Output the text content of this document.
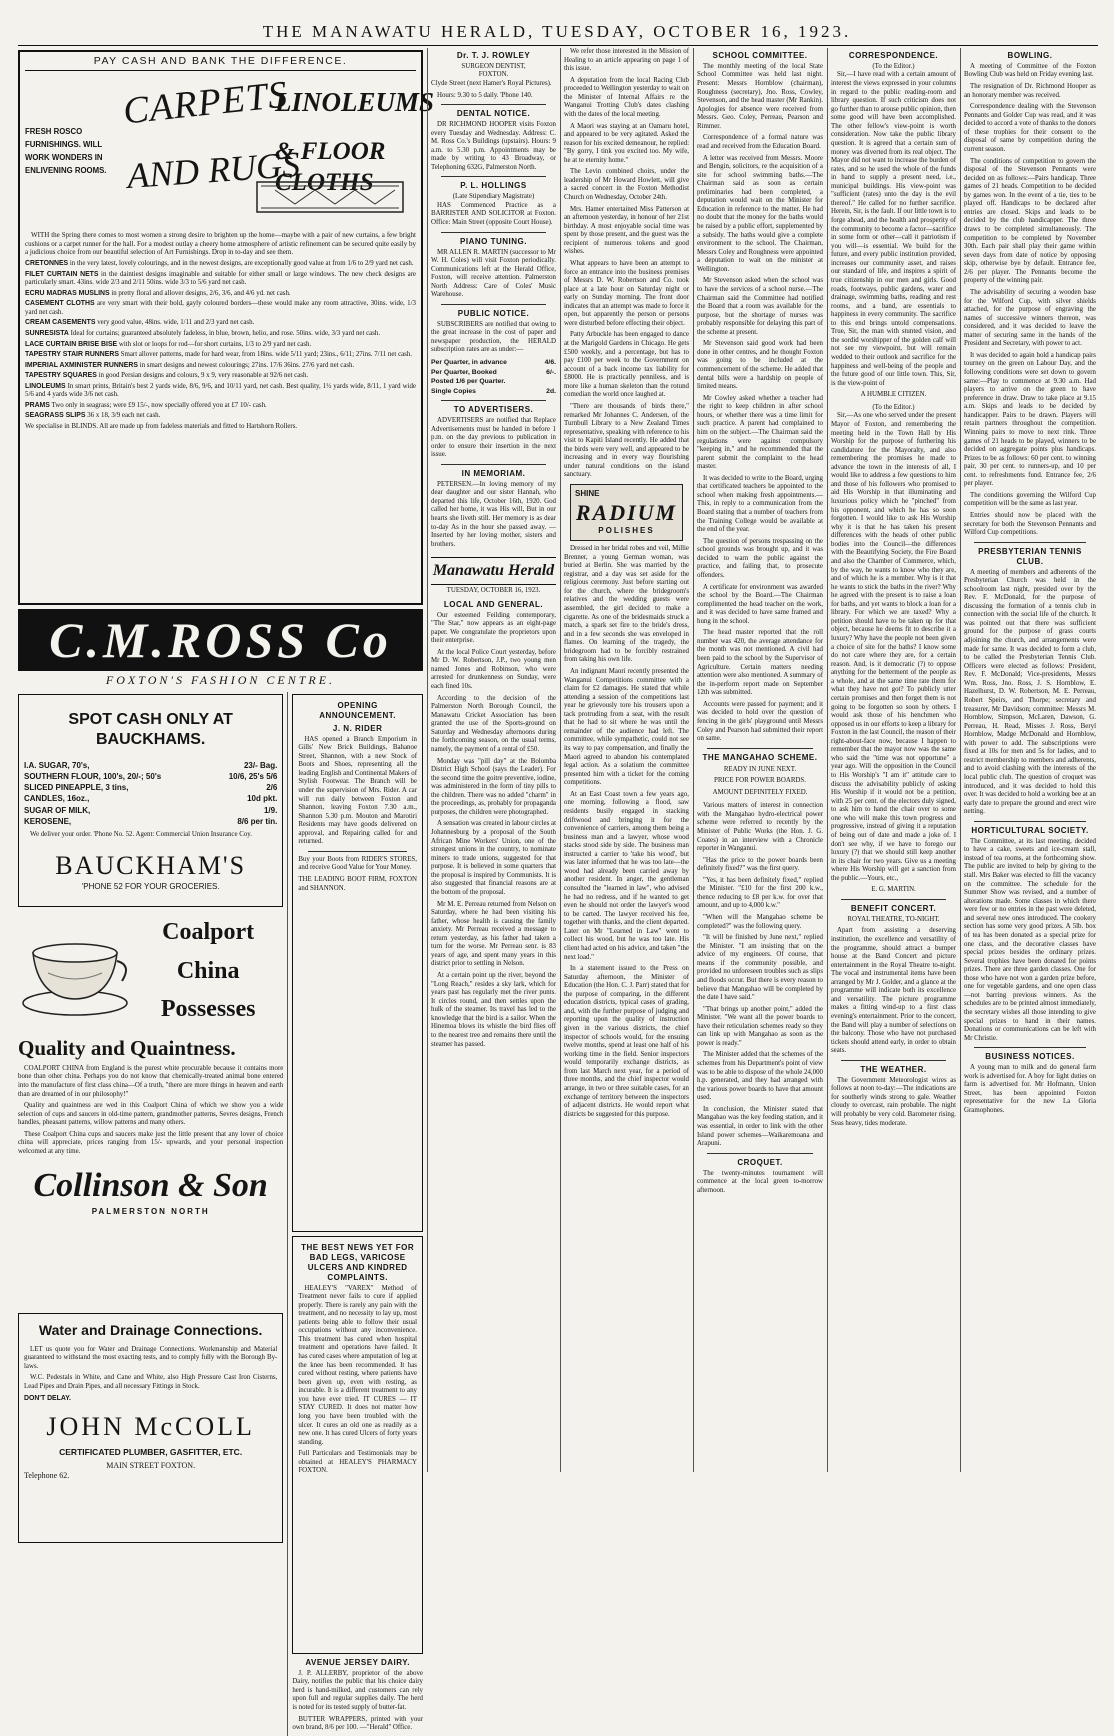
THE MANAWATU HERALD, TUESDAY, OCTOBER 16, 1923.
PAY CASH AND BANK THE DIFFERENCE.
FRESH ROSCO FURNISHINGS. WILL WORK WONDERS IN ENLIVENING ROOMS.
CARPETS
AND RUGS
LINOLEUMS
& FLOOR CLOTHS

WITH the Spring there comes to most women a strong desire to brighten up the home—maybe with a pair of new curtains, a few bright cushions or a carpet runner for the hall. For a modest outlay a cheery home atmosphere of artistic refinement can be secured quite easily by a judicious choice from our beautiful selection of Art Furnishings. Drop in to-day and see them.

CRETONNES in the very latest, lovely colourings, and in the newest designs, are exceptionally good value at from 1/6 to 2/9 yard net cash.

FILET CURTAIN NETS in the daintiest designs imaginable and suitable for either small or large windows. The new check designs are particularly smart. 43ins. wide 2/3 and 2/11 50ins. wide 3/3 to 5/6 yard net cash.

ECRU MADRAS MUSLINS in pretty floral and allover designs, 2/6, 3/6, and 4/6 yd. net cash.

CASEMENT CLOTHS are very smart with their bold, gayly coloured borders—these would make any room attractive, 30ins. wide, 1/3 yard net cash.

CREAM CASEMENTS very good value, 48ins. wide, 1/11 and 2/3 yard net cash.

SUNRESISTA Ideal for curtains; guaranteed absolutely fadeless, in blue, brown, helio, and rose. 50ins. wide, 3/3 yard net cash.

LACE CURTAIN BRISE BISE with slot or loops for rod—for short curtains, 1/3 to 2/9 yard net cash.

TAPESTRY STAIR RUNNERS Smart allover patterns, made for hard wear, from 18ins. wide 5/11 yard; 23ins., 6/11; 27ins. 7/11 net cash.

IMPERIAL AXMINISTER RUNNERS in smart designs and newest colourings; 27ins. 17/6 36ins. 27/6 yard net cash.

TAPESTRY SQUARES in good Persian designs and colours, 9 x 9, very reasonable at 92/6 net cash.

LINOLEUMS In smart prints, Britain's best 2 yards wide, 8/6, 9/6, and 10/11 yard, net cash. Best quality, 1½ yards wide, 8/11, 1 yard wide 5/6 and 4 yards wide 3/6 net cash.

PRAMS Two only in seagrass; were £9 15/-, now specially offered you at £7 10/- cash.

SEAGRASS SLIPS 36 x 18, 3/9 each net cash.

We specialise in BLINDS. All are made up from fadeless materials and fitted to Hartshorn Rollers.

C.M.ROSS Co
FOXTON'S FASHION CENTRE.
SPOT CASH ONLY AT BAUCKHAMS.
I.A. SUGAR, 70's,	23/- Bag.
SOUTHERN FLOUR, 100's, 20/-; 50's	10/6, 25's 5/6
SLICED PINEAPPLE, 3 tins,	2/6
CANDLES, 16oz.,	10d pkt.
SUGAR OF MILK,	1/9.
KEROSENE,	8/6 per tin.

We deliver your order. 'Phone No. 52. Agent: Commercial Union Insurance Coy.

BAUCKHAM'S
'PHONE 52 FOR YOUR GROCERIES.
Coalport China Possesses
Quality and Quaintness.

COALPORT CHINA from England is the purest white procurable because it contains more bone than other china. Perhaps you do not know that chemically-treated animal bone entered into the manufacture of first class china—Of a truth, "there are more things in heaven and earth than are dreamed of in our philosophy!"

Quality and quaintness are wed in this Coalport China of which we show you a wide selection of cups and saucers in old-time pattern, grandmother patterns, Sevres designs, French handles, pheasant patterns, willow patterns and many others.

These Coalport China cups and saucers make just the little present that any lover of choice china will appreciate, prices ranging from 15/- upwards, and your personal inspection welcomed at any time.

Collinson & Son
PALMERSTON NORTH
Water and Drainage Connections.

LET us quote you for Water and Drainage Connections. Workmanship and Material guaranteed to withstand the most exacting tests, and to comply fully with the Borough By-laws.

W.C. Pedestals in White, and Cane and White, also High Pressure Cast Iron Cisterns, Lead Pipes and Drain Pipes, and all necessary Fittings in Stock.

DON'T DELAY.

JOHN McCOLL
CERTIFICATED PLUMBER, GASFITTER, ETC.
MAIN STREET FOXTON.
Telephone 62.
OPENING ANNOUNCEMENT.
J. N. RIDER

HAS opened a Branch Emporium in Gills' New Brick Buildings, Bahanoe Street, Shannon, with a new Stock of Boots and Shoes, representing all the leading English and Continental Makers of Stylish Footwear. The Branch will be under the supervision of Mrs. Rider. A car will run daily between Foxton and Shannon, leaving Foxton 7.30 a.m., Shannon 5.30 p.m. Mouton and Marotiri Residents may have goods delivered on approval, and Repairing called for and returned.

Buy your Boots from RIDER'S STORES, and receive Good Value for Your Money.

THE LEADING BOOT FIRM, FOXTON and SHANNON.

THE BEST NEWS YET FOR BAD LEGS, VARICOSE ULCERS AND KINDRED COMPLAINTS.

HEALEY'S "VAREX" Method of Treatment never fails to cure if applied properly. There is rarely any pain with the treatment, and no necessity to lay up, most patients being able to follow their usual occupations without any inconvenience. This treatment has cured when hospital treatment and operations have failed. It has cured cases where amputation of leg at the knee has been recommended. It has cured without resting, where patients have been given up, even with resting, as incurable. It is a different treatment to any you have ever tried. IT CURES — IT STAY CURED. It does not matter how long you have been troubled with the ulcer. It cures an old one as readily as a new one. It has cured Ulcers of forty years standing.

Full Particulars and Testimonials may be obtained at HEALEY'S PHARMACY FOXTON.

AVENUE JERSEY DAIRY.

J. P. ALLERBY, proprietor of the above Dairy, notifies the public that his choice dairy herd is hand-milked, and customers can rely upon full and regular supplies daily. The herd is noted for its tested supply of butter-fat.

BUTTER WRAPPERS, printed with your own brand, 8/6 per 100. —"Herald" Office.

Dr. T. J. ROWLEY
SURGEON DENTIST,
FOXTON.

Clyde Street (next Hamer's Royal Pictures).

Hours: 9.30 to 5 daily. 'Phone 140.

DENTAL NOTICE.

DR RICHMOND HOOPER visits Foxton every Tuesday and Wednesday. Address: C. M. Ross Co.'s Buildings (upstairs). Hours: 9 a.m. to 5.30 p.m. Appointments may be made by writing to 43 Broadway, or Telephoning 632G, Palmerston North.

P. L. HOLLINGS
(Late Stipendiary Magistrate)

HAS Commenced Practice as a BARRISTER AND SOLICITOR at Foxton. Office: Main Street (opposite Court House).

PIANO TUNING.

MR ALLEN R. MARTIN (successor to Mr W. H. Coles) will visit Foxton periodically. Communications left at the Herald Office, Foxton, will receive attention. Palmerston North Address: Care of Coles' Music Warehouse.

PUBLIC NOTICE.

SUBSCRIBERS are notified that owing to the great increase in the cost of paper and newspaper production, the HERALD subscription rates are as under:—

Per Quarter, in advance	4/6.
Per Quarter, Booked	6/-.
Posted 1/6 per Quarter.
Single Copies	2d.
TO ADVERTISERS.

ADVERTISERS are notified that Replace Advertisements must be handed in before 1 p.m. on the day previous to publication in order to ensure their insertion in the next issue.

IN MEMORIAM.

PETERSEN.—In loving memory of my dear daughter and our sister Hannah, who departed this life, October 16th, 1920. God called her home, it was His will, But in our hearts she liveth still. Her memory is as dear to-day As in the hour she passed away. —Inserted by her loving mother, sisters and brothers.

Manawatu Herald
TUESDAY, OCTOBER 16, 1923.
LOCAL AND GENERAL.

Our esteemed Feilding contemporary, "The Star," now appears as an eight-page paper. We congratulate the proprietors upon their enterprise.

At the local Police Court yesterday, before Mr D. W. Robertson, J.P., two young men named Jones and Robinson, who were arrested for drunkenness on Sunday, were each fined 10s.

According to the decision of the Palmerston North Borough Council, the Manawatu Cricket Association has been granted the use of the Sports-ground on Saturday and Wednesday afternoons during the forthcoming season, on the usual terms, namely, the payment of a rental of £50.

Monday was "pill day" at the Bolomba District High School (says the Leader). For the second time the goitre preventive, iodine, was administered in the form of tiny pills to the children. There was no added "charm" in the proceedings, as, probably for propaganda purposes, the children were photographed.

A sensation was created in labour circles at Johannesburg by a proposal of the South African Mine Workers' Union, one of the strongest unions in the country, to nominate miners to trade unions, suggested for that purpose. It is believed in some quarters that the proposal is inspired by Communists. It is also suggested that financial reasons are at the bottom of the proposal.

Mr M. E. Perreau returned from Nelson on Saturday, where he had been visiting his father, whose health is causing the family anxiety. Mr Perreau received a message to return yesterday, as his father had taken a turn for the worse. Mr Perreau senr. is 83 years of age, and spent many years in this district prior to settling in Nelson.

At a certain point up the river, beyond the "Long Reach," resides a sky lark, which for years past has regularly met the river punts. It circles round, and then settles upon the hulk of the steamer. Its travel has led to the knowledge that the bird is a sailor. When the Hinemoa blows its whistle the bird flies off to the nearest tree and remains there until the steamer has passed.

We refer those interested in the Mission of Healing to an article appearing on page 1 of this issue.

A deputation from the local Racing Club proceeded to Wellington yesterday to wait on the Minister of Internal Affairs re the Wanganui Trotting Club's dates clashing with the dates of the local meeting.

A Maori was staying at an Oamaru hotel, and appeared to be very agitated. Asked the reason for his excited demeanour, he replied: "By gorry, I tink you excited too. My wife, he at te eternity home."

The Levin combined choirs, under the leadership of Mr Howard Howlett, will give a sacred concert in the Foxton Methodist Church on Wednesday, October 24th.

Mrs. Hamer entertained Miss Patterson at an afternoon yesterday, in honour of her 21st birthday. A most enjoyable social time was spent by those present, and the guest was the recipient of numerous tokens and good wishes.

What appears to have been an attempt to force an entrance into the business premises of Messrs D. W. Robertson and Co. took place at a late hour on Saturday night or early on Sunday morning. The front door indicates that an attempt was made to force it open, but apparently the person or persons were disturbed before effecting their object.

Patty Arbuckle has been engaged to dance at the Marigold Gardens in Chicago. He gets £500 weekly, and a percentage, but has to pay £100 per week to the Government on account of a back income tax liability for £8000. He is practically penniless, and is more like a human skeleton than the rotund comedian the world once laughed at.

"There are thousands of birds there," remarked Mr Johannes C. Andersen, of the Turnbull Library to a New Zealand Times representative, speaking with reference to his visit to Kapiti Island recently. He added that the birds were very well, and appeared to be increasing and in every way flourishing under natural conditions on the island sanctuary.

SHINE
RADIUM
POLISHES

Dressed in her bridal robes and veil, Millie Brenner, a young German woman, was buried at Berlin. She was married by the registrar, and a day was set aside for the religious ceremony. Just before starting out for the church, where the bridegroom's relatives and the wedding guests were assembled, the girl decided to make a cigarette. As one of the bridesmaids struck a match, a spark set fire to the bride's dress, and in a few seconds she was enveloped in flames. On learning of the tragedy, the bridegroom had to be forcibly restrained from taking his own life.

An indignant Maori recently presented the Wanganui Competitions committee with a claim for £2 damages. He stated that while attending a session of the competitions last year he grievously tore his trousers upon a tack protruding from a seat, with the result that he had to sit where he was until the remainder of the audience had left. The committee, while sympathetic, could not see its way to pay compensation, and finally the Maori agreed to abandon his contemplated legal action. As a solatium the committee presented him with a ticket for the coming competitions.

At an East Coast town a few years ago, one morning, following a flood, saw residents busily engaged in stacking driftwood and bringing it for the convenience of carriers, among them being a business man and a lawyer, whose wood stacks stood side by side. The business man instructed a carrier to 'take his wood', but was later informed that he was too late—the wood had already been carried away by another resident. In anger, the gentleman consulted the "learned in law", who advised he had no redress, and if he wanted to get even he should not order the lawyer's wood to be carted. The lawyer received his fee, together with thanks, and the client departed. Later on Mr "Learned in Law" went to collect his wood, but he was too late. His client had acted on his advice, and taken "the next load."

In a statement issued to the Press on Saturday afternoon, the Minister of Education (the Hon. C. J. Parr) stated that for the purpose of comparing, in the different education districts, typical cases of grading, and, with the further purpose of judging and reporting upon the quality of instruction given in the various districts, the chief inspector of schools would, for the ensuing twelve months, spend at least one half of his working time in the field. Senior inspectors would temporarily exchange districts, as from last March next year, for a period of three months, and the chief inspector would arrange, in two or three suitable cases, for an exchange of territory between the inspectors of adjacent districts. He would report what districts be suggested for this purpose.

SCHOOL COMMITTEE.

The monthly meeting of the local State School Committee was held last night. Present: Messrs Hornblow (chairman), Roughness (secretary), Jno. Ross, Cowley, Stevenson, and the head master (Mr Rankin). Apologies for absence were received from Messrs. Geo. Coley, Perreau, Pearson and Rimmer.

Correspondence of a formal nature was read and received from the Education Board.

A letter was received from Messrs. Moore and Bengin, solicitors, re the acquisition of a site for school swimming baths.—The Chairman said as soon as certain preliminaries had been completed, a deputation would wait on the Minister for Education in reference to the matter. He had no doubt that the money for the baths would be raised by a public effort, supplemented by a subsidy. The baths would give a complete environment to the school. The Chairman, Messrs Coley and Roughness were appointed a deputation to wait on the minister at Wellington.

Mr Stevenson asked when the school was to have the services of a school nurse.—The Chairman said the Committee had notified the Board that a room was available for the purpose, but the shortage of nurses was probably responsible for delaying this part of the scheme at present.

Mr Stevenson said good work had been done in other centres, and he thought Foxton was going to be included at the commencement of the scheme. He added that dental bills were a hardship on people of limited means.

Mr Cowley asked whether a teacher had the right to keep children in after school hours, or whether there was a time limit for such practice. A parent had complained to him on the subject.—The Chairman said the regulations were against compulsory "keeping in," and he recommended that the parent submit the complaint to the head master.

It was decided to write to the Board, urging that certificated teachers be appointed to the school when making fresh appointments.—This, in reply to a communication from the Board stating that a number of teachers from the Training College would be available at the end of the year.

The question of persons trespassing on the school grounds was brought up, and it was decided to warn the public against the practice, and failing that, to prosecute offenders.

A certificate for environment was awarded the school by the Board.—The Chairman complimented the head teacher on the work, and it was decided to have same framed and hung in the school.

The head master reported that the roll number was 420, the average attendance for the month was not mentioned. A civil had been paid to the school by the Supervisor of Agriculture. Certain matters needing attention were also mentioned. A summary of the in-perform report made on September 12th was submitted.

Accounts were passed for payment; and it was decided to hold over the question of fencing in the girls' playground until Messrs Coley and Pearson had submitted their report on same.

THE MANGAHAO SCHEME.
READY IN JUNE NEXT.
PRICE FOR POWER BOARDS.
AMOUNT DEFINITELY FIXED.

Various matters of interest in connection with the Mangahao hydro-electrical power scheme were referred to recently by the Minister of Public Works (the Hon. J. G. Coates) in an interview with a Chronicle reporter in Wanganui.

"Has the price to the power boards been definitely fixed?" was the first query.

"Yes, it has been definitely fixed," replied the Minister. "£10 for the first 200 k.w., thence reducing to £8 per k.w. for over that amount, and up to 4,000 k.w."

"When will the Mangahao scheme be completed?" was the following query.

"It will be finished by June next," replied the Minister. "I am insisting that on the advice of my engineers. Of course, that means if the community possible, and provided no unforeseen troubles such as slips and floods occur. But there is every reason to believe that Mangahao will be completed by the date I have said."

"That brings up another point," added the Minister. "We want all the power boards to have their reticulation schemes ready so they can link up with Mangahao as soon as the power is ready."

The Minister added that the schemes of the schemes from his Department's point of view was to be able to dispose of the whole 24,000 h.p. generated, and they had arranged with the various power boards to have that amount used.

In conclusion, the Minister stated that Mangahao was the key feeding station, and it was essential, in order to link with the other Island power schemes—Waikaremoana and Arapuni.

CROQUET.

The twenty-minutes tournament will commence at the local green to-morrow afternoon.

CORRESPONDENCE.
(To the Editor.)

Sir,—I have read with a certain amount of interest the views expressed in your columns in regard to the public reading-room and library question. If such criticism does not go further than to arouse public opinion, then some good will have been accomplished. The other fellow's view-point is worth consideration. Now take the public library question. It is agreed that a certain sum of money was diverted from its real object. The Mayor did not want to increase the burden of rates, and so he used the whole of the funds in hand to supply a present need, i.e., municipal buildings. His view-point was "sufficient (rates) unto the day is the evil thereof." He called for no further sacrifice. Herein, Sir, is the fault. If our little town is to forge ahead, and the health and prosperity of the community to become a factor—sacrifice in some form or other—call it patriotism if you will—is essential. We build for the future, and every public institution provided, increases our community asset, and raises our standard of life, and inspires a spirit of true citizenship in our men and girls. Good roads, footways, public gardens, water and drainage, swimming baths, reading and rest rooms, and a band, are essentials to happiness in every community. The sacrifice to this end brings untold compensations. True, Sir, the man with stunted vision, and the sordid worshipper of the golden calf will not see my viewpoint, but will remain wedded to their outlook and sacrifice for the happiness and well-being of the people and the future good of our little town. This, Sir, is the view-point of

A HUMBLE CITIZEN.
(To the Editor.)

Sir,—As one who served under the present Mayor of Foxton, and remembering the meeting held in the Town Hall by His Worship for the purpose of furthering his candidature for the Mayoralty, and also remembering the promises he made to advance the town in the interests of all, I would like to address a few questions to him and those of his followers who promised to aid His Worship in that illuminating and luxurious policy which he "pinched" from his opponent, and which he has so soon forgotten. I would like to ask His Worship why it is that he has taken his present differences with the heads of other public bodies into the Council—the differences with the Beautifying Society, the Fire Board and also the Chamber of Commerce, which, by the way, he wants to know who they are, and of which he is a member. Why is it that he wants to stick the baths in the river? Why he agreed with the present is to raise a loan for baths, and yet wants to block a loan for a library. For which we are taxed? Why a petition should have to be taken up for that object, because he deems fit to describe it a luxury? Why have the people not been given a choice of site for the baths? I know some do not care where they are, for a certain reason. And, is it democratic (?) to oppose anything for the betterment of the people as a whole, and at the same time rate them for what they have not got? To publicly utter certain promises and then forget them is not going to be forgotten so soon by others. I would ask those of his henchmen who opposed us in our efforts to keep a library for Foxton in the last Council, the reason of their right-about-face now, because I happen to remember that the mayor now was the same who said the "time was not opportune" a year ago. Will the opposition in the Council to His Worship's "I am it" attitude care to discuss the advisability publicly of asking His Worship if it would not be a petition, with 25 per cent. of the electors duly signed, to ask him to hand the chair over to some one who will make this town progress and progressive, instead of giving it a reputation of being out of date and made a joke of. I don't see why, if we have to forego our luxury (?) that we should still keep another in its chair for two years. Give us a meeting where His Worship will get a sanction from the public.—Yours, etc.,

E. G. MARTIN.
BENEFIT CONCERT.
ROYAL THEATRE, TO-NIGHT.

Apart from assisting a deserving institution, the excellence and versatility of the programme, should attract a bumper house at the Band Concert and picture entertainment in the Royal Theatre to-night. The vocal and instrumental items have been arranged by Mr J. Golder, and a glance at the programme will indicate both its excellence and versatility. The picture programme makes a fitting wind-up to a first class evening's entertainment. Prior to the concert, the Band will play a number of selections on the balcony. Those who have not purchased tickets should attend early, in order to obtain seats.

THE WEATHER.

The Government Meteorologist wires as follows at noon to-day:—The indications are for southerly winds strong to gale. Weather cloudy to overcast, rain probable. The night will probably be very cold. Barometer rising. Seas heavy, tides moderate.

BOWLING.

A meeting of Committee of the Foxton Bowling Club was held on Friday evening last.

The resignation of Dr. Richmond Hooper as an honorary member was received.

Correspondence dealing with the Stevenson Pennants and Golder Cup was read, and it was decided to accord a vote of thanks to the donors of these trophies for their consent to the disposal of same by competition during the current season.

The conditions of competition to govern the disposal of the Stevenson Pennants were decided on as follows:—Pairs handicap. Three games of 21 heads. Competition to be decided by games won. In the event of a tie, ties to be played off. Handicaps to be declared after entries are closed. Skips and leads to be decided by the club handicapper. The three draws to be completed simultaneously. The competition to be completed by November 30th. Each pair shall play their game within seven days from date of notice by opposing skip, otherwise bye by default. Entrance fee, 2/6 per player. The Pennants become the property of the winning pair.

The advisability of securing a wooden base for the Wilford Cup, with silver shields attached, for the purpose of engraving the names of successive winners thereon, was considered, and it was decided to leave the matter of securing same in the hands of the President and Secretary, with power to act.

It was decided to again hold a handicap pairs tourney on the green on Labour Day, and the following conditions were set down to govern same:—Play to commence at 9.30 a.m. Had players to arrive on the green to have preference in draw. Draw to take place at 9.15 a.m. Skips and leads to be decided by handicapper. Pairs to be drawn. Players will retain partners throughout the competition. Winning pairs to move to next rink. Three games of 21 heads to be played, winners to be decided on aggregate points plus handicaps. Prizes to be as follows: 60 per cent. to winning pair, 30 per cent. to runners-up, and 10 per cent. to refreshments fund. Entrance fee, 2/6 per player.

The conditions governing the Wilford Cup competition will be the same as last year.

Entries should now be placed with the secretary for both the Stevenson Pennants and Wilford Cup competitions.

PRESBYTERIAN TENNIS CLUB.

A meeting of members and adherents of the Presbyterian Church was held in the schoolroom last night, presided over by the Rev. F. McDonald, for the purpose of discussing the formation of a tennis club in connection with the social life of the church. It was pointed out that there was sufficient ground for the purpose of grass courts adjoining the church, and arrangements were made for same. It was decided to form a club, to be called the Presbyterian Tennis Club. Officers were elected as follows: President, Rev. F. McDonald; Vice-presidents, Messrs Wm. Ross, Jno. Ross, J. S. Hornblow, E. Hazelhurst, D. W. Robertson, M. E. Perreau, Robert Speirs, and Thorpe; secretary and treasurer, Mr Davidson; committee: Messrs M. Hornblow, Simpson, McLaren, Dawson, G. Perreau, H. Read, Misses J. Ross, Beryl Hornblow, Madge McDonald and Hornblow, with power to add. The subscriptions were fixed at 10s for men and 5s for ladies, and to restrict membership to members and adherents, and to avoid clashing with the interests of the local public club. The question of croquet was introduced, and it was decided to hold this over. It was decided to hold a working bee at an early date to prepare the ground and erect wire netting.

HORTICULTURAL SOCIETY.

The Committee, at its last meeting, decided to have a cake, sweets and ice-cream stall, instead of tea rooms, at the forthcoming show. The public are invited to help by giving to the stall. Mrs Baker was elected to fill the vacancy on the committee. The schedule for the Summer Show was revised, and a number of alterations made. Some classes in which there were few or no entries in the past were deleted, and several new ones introduced. The cookery section has some very good prizes. A 5lb. box of tea has been donated as a special prize for one class, and the decorative classes have special prizes besides the ordinary prizes. Several trophies have been donated for points prizes. There are three garden classes. One for those who have not won a garden prize before, one for vegetable gardens, and one open class—not barring previous winners. As the schedules are to be printed almost immediately, the secretary wishes all those intending to give special prizes to hand in their names. Donations or communications can be left with Mr Christie.

BUSINESS NOTICES.

A young man to milk and do general farm work is advertised for. A boy for light duties on farm is advertised for. Mr Hofmann, Union Street, has been appointed Foxton representative for the new La Gloria Gramophones.
